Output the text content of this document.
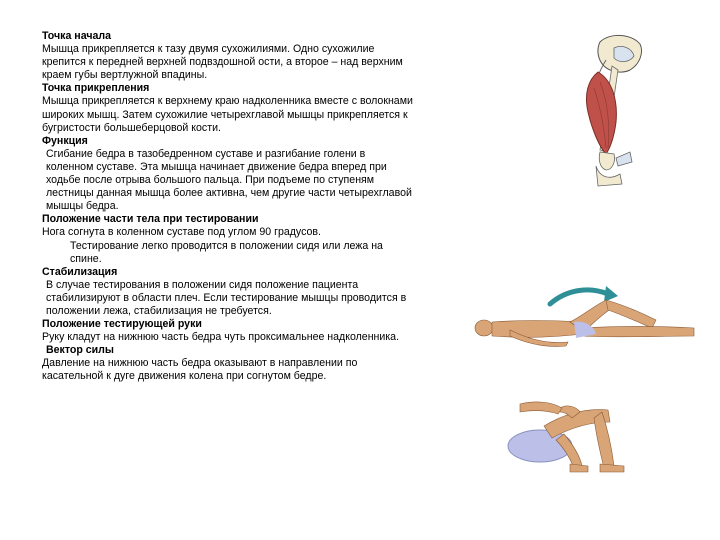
Точка начала

Мышца прикрепляется к тазу двумя сухожилиями. Одно сухожилие крепится к передней верхней подвздошной ости, а второе – над верхним краем губы вертлужной впадины.

Точка прикрепления

Мышца прикрепляется к верхнему краю надколенника вместе с волокнами широких мышц. Затем сухожилие четырехглавой мышцы прикрепляется к бугристости большеберцовой кости.

Функция

Сгибание бедра в тазобедренном суставе и разгибание голени в коленном суставе. Эта мышца начинает движение бедра вперед при ходьбе после отрыва большого пальца. При подъеме по ступеням лестницы данная мышца более активна, чем другие части четырехглавой мышцы бедра.

Положение части тела при тестировании

Нога согнута в коленном суставе под углом 90 градусов.

Тестирование легко проводится в положении сидя или лежа на спине.

Стабилизация

В случае тестирования в положении сидя положение пациента стабилизируют в области плеч. Если тестирование мышцы проводится в положении лежа, стабилизация не требуется.

Положение тестирующей руки

Руку кладут на нижнюю часть бедра чуть проксимальнее надколенника.

Вектор силы

Давление на нижнюю часть бедра оказывают в направлении по касательной к дуге движения колена при согнутом бедре.
